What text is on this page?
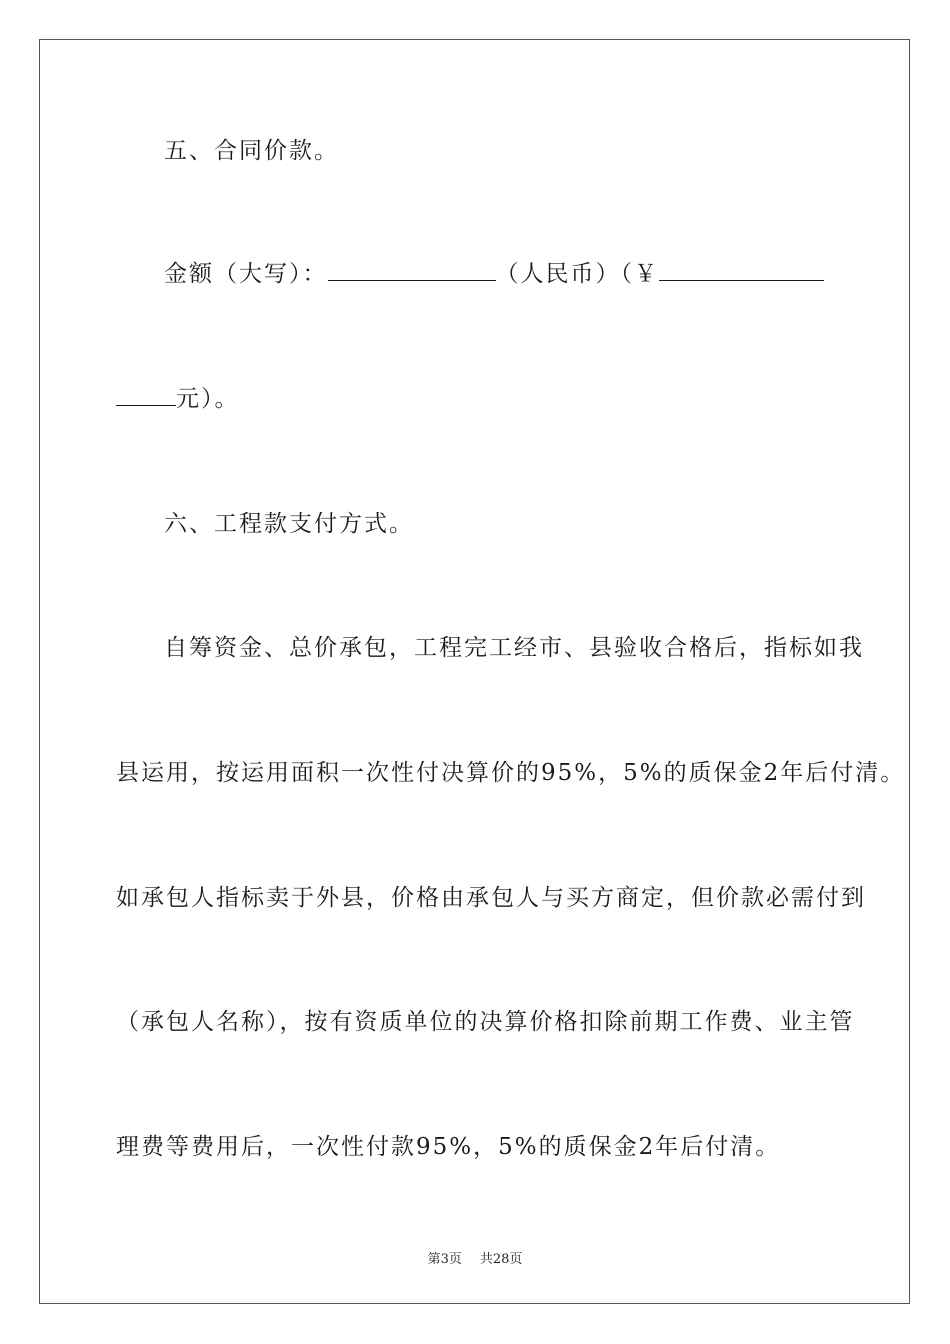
五、合同价款。
金额（大写）：	（人民币）（￥
元）。
六、工程款支付方式。
自筹资金、总价承包，工程完工经市、县验收合格后，指标如我
县运用，按运用面积一次性付决算价的95%，5%的质保金2年后付清。
如承包人指标卖于外县，价格由承包人与买方商定，但价款必需付到
（承包人名称），按有资质单位的决算价格扣除前期工作费、业主管
理费等费用后，一次性付款95%，5%的质保金2年后付清。
第3页 共28页
